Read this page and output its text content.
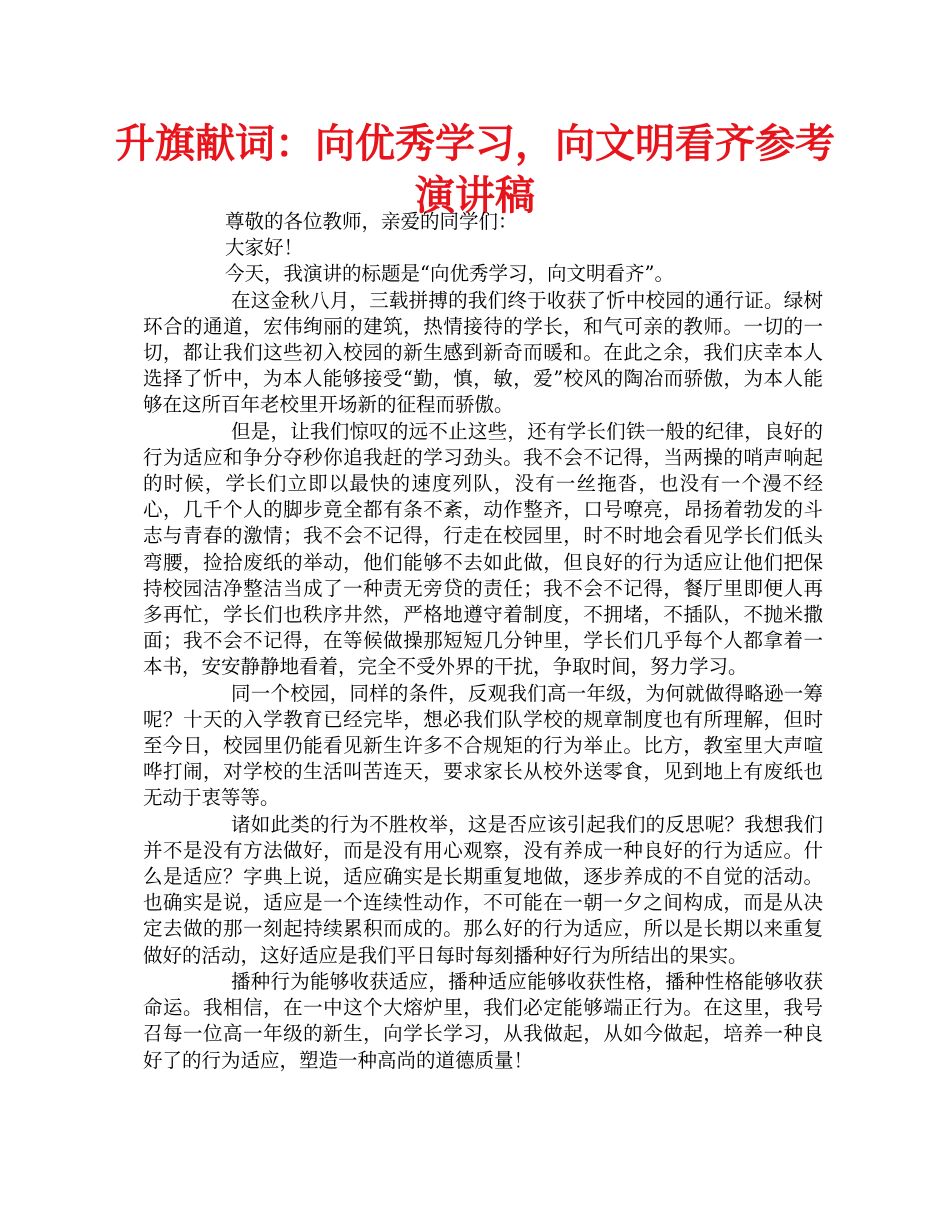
升旗献词：向优秀学习，向文明看齐参考演讲稿

尊敬的各位教师，亲爱的同学们：

大家好！

今天，我演讲的标题是“向优秀学习，向文明看齐”。

在这金秋八月，三载拼搏的我们终于收获了忻中校园的通行证。绿树环合的通道，宏伟绚丽的建筑，热情接待的学长，和气可亲的教师。一切的一切，都让我们这些初入校园的新生感到新奇而暖和。在此之余，我们庆幸本人选择了忻中，为本人能够接受“勤，慎，敏，爱”校风的陶冶而骄傲，为本人能够在这所百年老校里开场新的征程而骄傲。

但是，让我们惊叹的远不止这些，还有学长们铁一般的纪律，良好的行为适应和争分夺秒你追我赶的学习劲头。我不会不记得，当两操的哨声响起的时候，学长们立即以最快的速度列队，没有一丝拖沓，也没有一个漫不经心，几千个人的脚步竟全都有条不紊，动作整齐，口号嘹亮，昂扬着勃发的斗志与青春的激情；我不会不记得，行走在校园里，时不时地会看见学长们低头弯腰，捡拾废纸的举动，他们能够不去如此做，但良好的行为适应让他们把保持校园洁净整洁当成了一种责无旁贷的责任；我不会不记得，餐厅里即便人再多再忙，学长们也秩序井然，严格地遵守着制度，不拥堵，不插队，不抛米撒面；我不会不记得，在等候做操那短短几分钟里，学长们几乎每个人都拿着一本书，安安静静地看着，完全不受外界的干扰，争取时间，努力学习。

同一个校园，同样的条件，反观我们高一年级，为何就做得略逊一筹呢？十天的入学教育已经完毕，想必我们队学校的规章制度也有所理解，但时至今日，校园里仍能看见新生许多不合规矩的行为举止。比方，教室里大声喧哗打闹，对学校的生活叫苦连天，要求家长从校外送零食，见到地上有废纸也无动于衷等等。

诸如此类的行为不胜枚举，这是否应该引起我们的反思呢？我想我们并不是没有方法做好，而是没有用心观察，没有养成一种良好的行为适应。什么是适应？字典上说，适应确实是长期重复地做，逐步养成的不自觉的活动。也确实是说，适应是一个连续性动作，不可能在一朝一夕之间构成，而是从决定去做的那一刻起持续累积而成的。那么好的行为适应，所以是长期以来重复做好的活动，这好适应是我们平日每时每刻播种好行为所结出的果实。

播种行为能够收获适应，播种适应能够收获性格，播种性格能够收获命运。我相信，在一中这个大熔炉里，我们必定能够端正行为。在这里，我号召每一位高一年级的新生，向学长学习，从我做起，从如今做起，培养一种良好了的行为适应，塑造一种高尚的道德质量！
